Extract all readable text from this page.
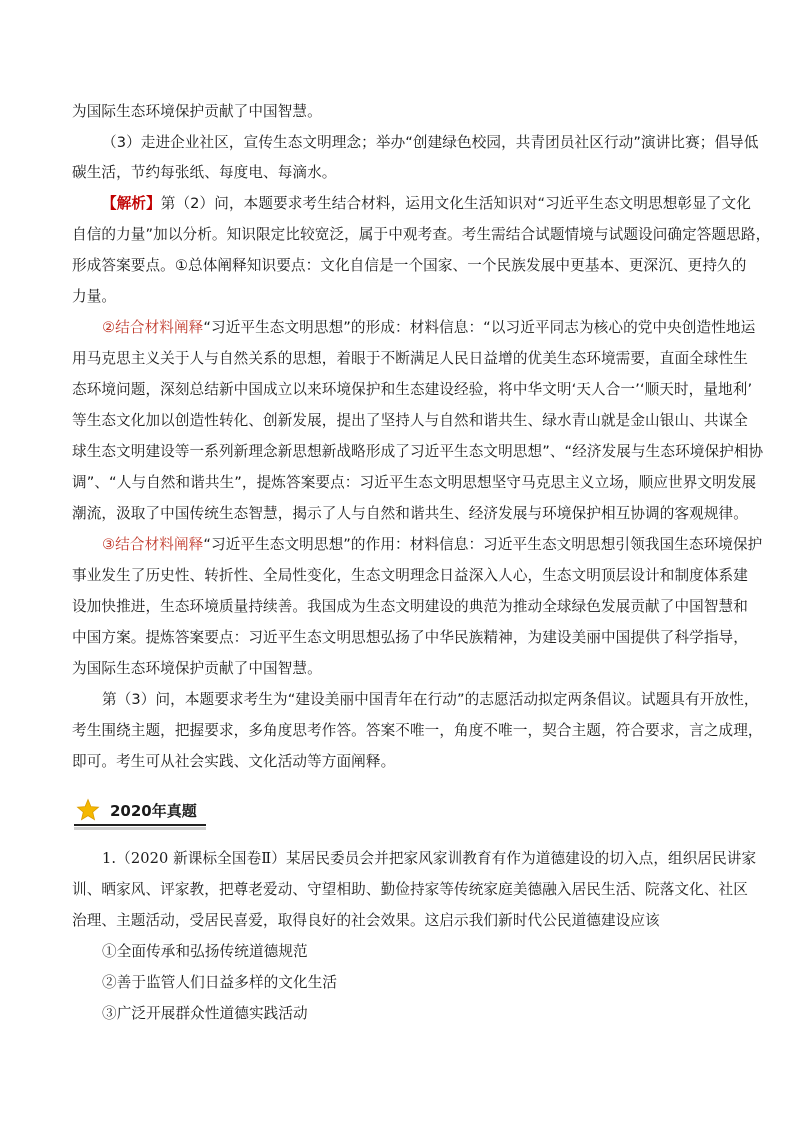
为国际生态环境保护贡献了中国智慧。
（3）走进企业社区，宣传生态文明理念；举办“创建绿色校园，共青团员社区行动”演讲比赛；倡导低
碳生活，节约每张纸、每度电、每滴水。
【解析】第（2）问，本题要求考生结合材料，运用文化生活知识对“习近平生态文明思想彰显了文化
自信的力量”加以分析。知识限定比较宽泛，属于中观考查。考生需结合试题情境与试题设问确定答题思路，
形成答案要点。①总体阐释知识要点：文化自信是一个国家、一个民族发展中更基本、更深沉、更持久的
力量。
②结合材料阐释“习近平生态文明思想”的形成：材料信息：“以习近平同志为核心的党中央创造性地运
用马克思主义关于人与自然关系的思想，着眼于不断满足人民日益增的优美生态环境需要，直面全球性生
态环境问题，深刻总结新中国成立以来环境保护和生态建设经验，将中华文明‘天人合一’‘顺天时，量地利’
等生态文化加以创造性转化、创新发展，提出了坚持人与自然和谐共生、绿水青山就是金山银山、共谋全
球生态文明建设等一系列新理念新思想新战略形成了习近平生态文明思想”、“经济发展与生态环境保护相协
调”、“人与自然和谐共生”，提炼答案要点：习近平生态文明思想坚守马克思主义立场，顺应世界文明发展
潮流，汲取了中国传统生态智慧，揭示了人与自然和谐共生、经济发展与环境保护相互协调的客观规律。
③结合材料阐释“习近平生态文明思想”的作用：材料信息：习近平生态文明思想引领我国生态环境保护
事业发生了历史性、转折性、全局性变化，生态文明理念日益深入人心，生态文明顶层设计和制度体系建
设加快推进，生态环境质量持续善。我国成为生态文明建设的典范为推动全球绿色发展贡献了中国智慧和
中国方案。提炼答案要点：习近平生态文明思想弘扬了中华民族精神，为建设美丽中国提供了科学指导，
为国际生态环境保护贡献了中国智慧。
第（3）问，本题要求考生为“建设美丽中国青年在行动”的志愿活动拟定两条倡议。试题具有开放性，
考生围绕主题，把握要求，多角度思考作答。答案不唯一，角度不唯一，契合主题，符合要求，言之成理，
即可。考生可从社会实践、文化活动等方面阐释。
2020年真题
1.（2020 新课标全国卷Ⅱ）某居民委员会并把家风家训教育有作为道德建设的切入点，组织居民讲家
训、晒家风、评家教，把尊老爱动、守望相助、勤俭持家等传统家庭美德融入居民生活、院落文化、社区
治理、主题活动，受居民喜爱，取得良好的社会效果。这启示我们新时代公民道德建设应该
①全面传承和弘扬传统道德规范
②善于监管人们日益多样的文化生活
③广泛开展群众性道德实践活动
